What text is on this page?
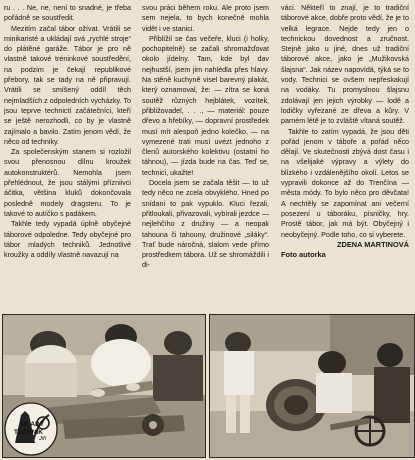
ru . . . Ne, ne, není to snadné, je třeba pořádně se soustředit.

Mezitím začal tábor ožívat. Vrátili se minikaristé a ukládají svá „rychlé stroje“ do plátěné garáže. Tábor je pro ně vlastně takové tréninkové soustředění, na podzim je čekají republikové přebory, tak se tady na ně připravují. Vrátili se smíšený oddíl těch nejmladších z odpoledních vycházky. To jsou teprve technictí začátečníci, kteří se ještě nerozhodli, co by je vlastně zajímalo a bavilo. Zatím jenom vědí, že něco od techniky.

Za společenským stanem si rozložil svou přenosnou dílnu kroužek autokonstruktérů. Nemohla jsem přehlédnout, že jsou stálými přízniivci áčitka, většina kluků dokončovala posledně modely dragsteru. To je takové to autíčko s padákem.

Takhle tedy vypadá úplně obyčejné táborové odpoledne. Tedy obyčejné pro tábor mladých techniků. Jednotlivé kroužky a oddíly vlastně navazují na

svou práci během roku. Ale proto jsem sem nejela, to bych konečně mohla vidět i ve stanici.

Přiblížil se čas večeře, kluci (i holky, pochopitelně) se začali shromažďovat okolo jídelny. Tam, kde byl dav nejhustší, jsem jim nahlédla přes hlavy. Na stěně kuchyně visel barevný plakát, který oznamoval, že: — zítra se koná soutěž různých hejblátek, vozítek, přibližovadel, . . ., — materiál: pouze dřevo a hřebíky, — dopravní prostředek musí mít alespoň jedno kolečko, — na vymezené trati musí uvézt jednoho z členů autorského kolektivu (ostatní ho táhnou), — jízda bude na čas. Teď se, technici, ukažte!

Docela jsem se začala těšit — to už tedy něco ne zcela obvyklého. Hned po snídani to pak vypuklo. Kluci řezali, přitloukali, přivazovali, vybírali jezdce — nejlehčího z družiny — a neopak tahouna či tahouny, družinové „siláky“. Trať bude náročná, slalom vede přímo prostředkem tábora. Už se shromáždili i di-

váci. Někteří to znají, je to tradiční táborové akce, dobře proto vědí, že je to velká legrace. Nejde tedy jen o technickou dovednost a zručnost. Stejně jako u jiné, dnes už tradiční táborové akce, jako je „Mužikovská šlajsna“. Jak název napovídá, týká se to vody. Technici se ovšem nepřeskakují na vodáky. Tu promyslnou šlajsnu zdolávají jen jejich výrobky — lodě a lodičky vyřezané ze dřeva a kůry. V parném létě je to zvláště vítaná soutěž.

Takhle to zatím vypadá, že jsou děti pořád jenom v táboře a pořád něco dělají. Ve skutečnosti zbývá dost času i na všelijaké výpravy a výlety do blízkého i vzdálenějšího okolí. Letos se vypravili dokonce až do Trenčína — města módy. To bylo něco pro děvčata! A nechtěly se zapomínat ani večerní posezení u táboráku, písničky, hry. Prostě tábor, jak má být. Obyčejný i neobyčejný. Podle toho, co si vyberete.

ZDENA MARTINOVÁ
Foto autorka
MLADÝ
TECHNIK
Jiří
